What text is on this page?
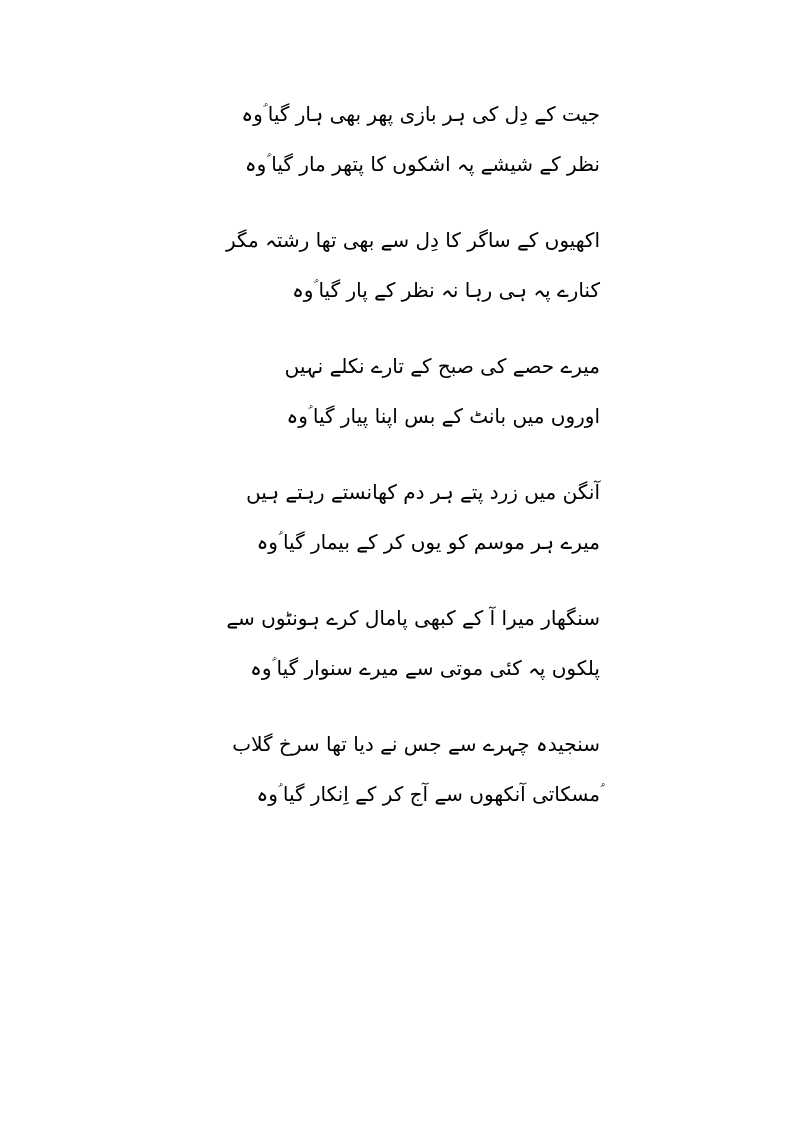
جیت کے دِل کی ہر بازی پھر بھی ہار گیا ؑوہ
نظر کے شیشے پہ اشکوں کا پتھر مار گیا ؑوہ
اکھیوں کے ساگر کا دِل سے بھی تھا رشتہ مگر
کنارے پہ ہی رہا نہ نظر کے پار گیا ؑوہ
میرے حصے کی صبح کے تارے نکلے نہیں
اوروں میں بانٹ کے بس اپنا پیار گیا ؑوہ
آنگن میں زرد پتے ہر دم کھانستے رہتے ہیں
میرے ہر موسم کو یوں کر کے بیمار گیا ؑوہ
سنگھار میرا آ کے کبھی پامال کرے ہونٹوں سے
پلکوں پہ کئی موتی سے میرے سنوار گیا ؑوہ
سنجیدہ چہرے سے جس نے دیا تھا سرخ گلاب
ؑمسکاتی آنکھوں سے آج کر کے اِنکار گیا ؑوہ
